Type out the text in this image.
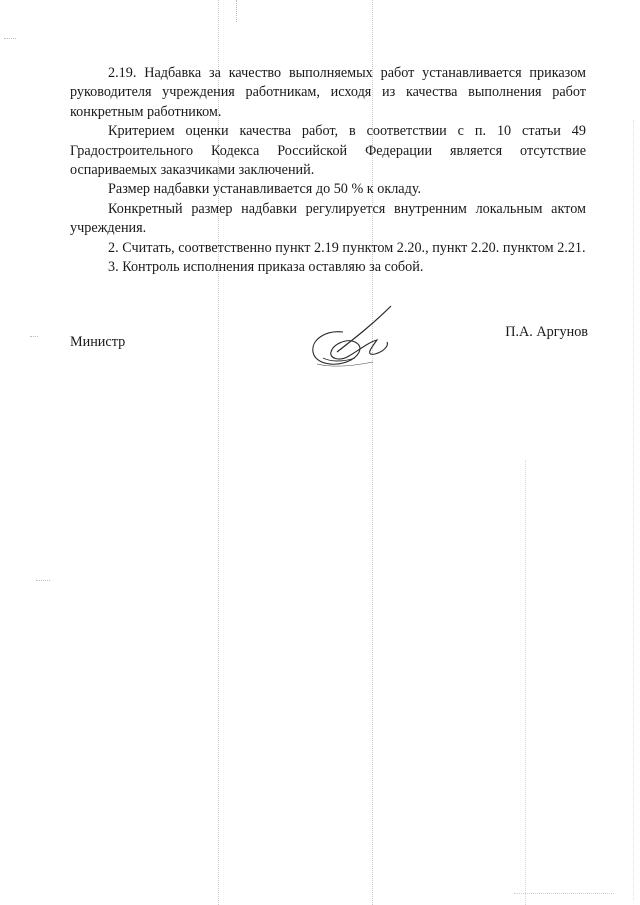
2.19. Надбавка за качество выполняемых работ устанавливается приказом руководителя учреждения работникам, исходя из качества выполнения работ конкретным работником.

Критерием оценки качества работ, в соответствии с п. 10 статьи 49 Градостроительного Кодекса Российской Федерации является отсутствие оспариваемых заказчиками заключений.

Размер надбавки устанавливается до 50 % к окладу.

Конкретный размер надбавки регулируется внутренним локальным актом учреждения.

2. Считать, соответственно пункт 2.19 пунктом 2.20., пункт 2.20. пунктом 2.21.

3. Контроль исполнения приказа оставляю за собой.

Министр
П.А. Аргунов
